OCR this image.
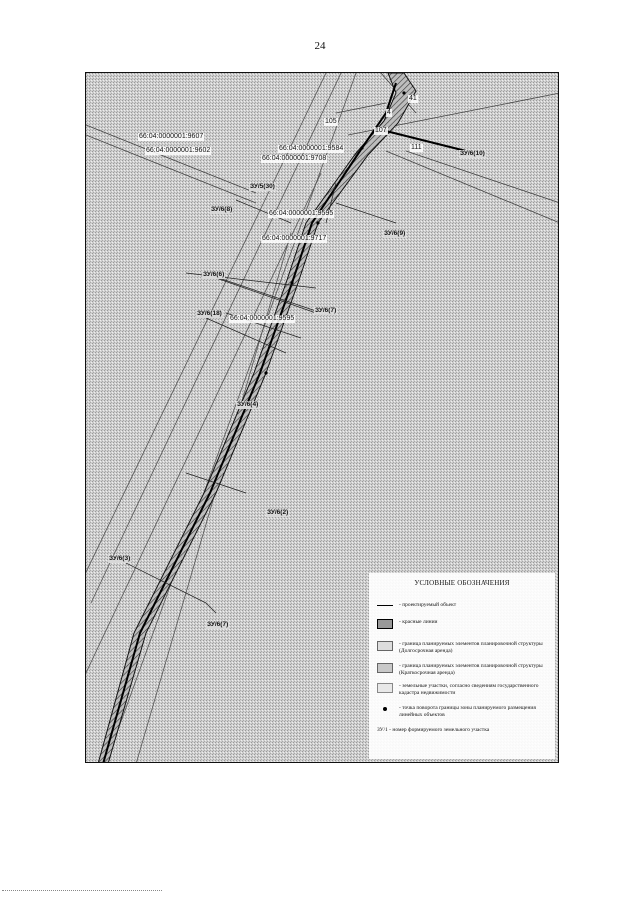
24
66:04:0000001:9607
66:04:0000001:9602	66:04:0000001:9584
66:04:0000001:9708
66:04:0000001:9595
66:04:0000001:9717
66:04:0000001:9595
105
107
111
41
4
ЗУ/6(10)
ЗУ/5(30)
ЗУ/6(8)
ЗУ/6(9)
ЗУ/6(6)
ЗУ/6(7)
ЗУ/6(18)
ЗУ/6(4)
ЗУ/6(2)
ЗУ/6(3)
ЗУ/6(7)
УСЛОВНЫЕ ОБОЗНАЧЕНИЯ
- проектируемый объект
- красные линии
- граница планируемых элементов планировочной структуры (Долгосрочная аренда)
- граница планируемых элементов планировочной структуры (Краткосрочная аренда)
- земельные участки, согласно сведениям государственного кадастра недвижимости
- точка поворота границы зоны планируемого размещения линейных объектов
ЗУ/1 - номер формируемого земельного участка
